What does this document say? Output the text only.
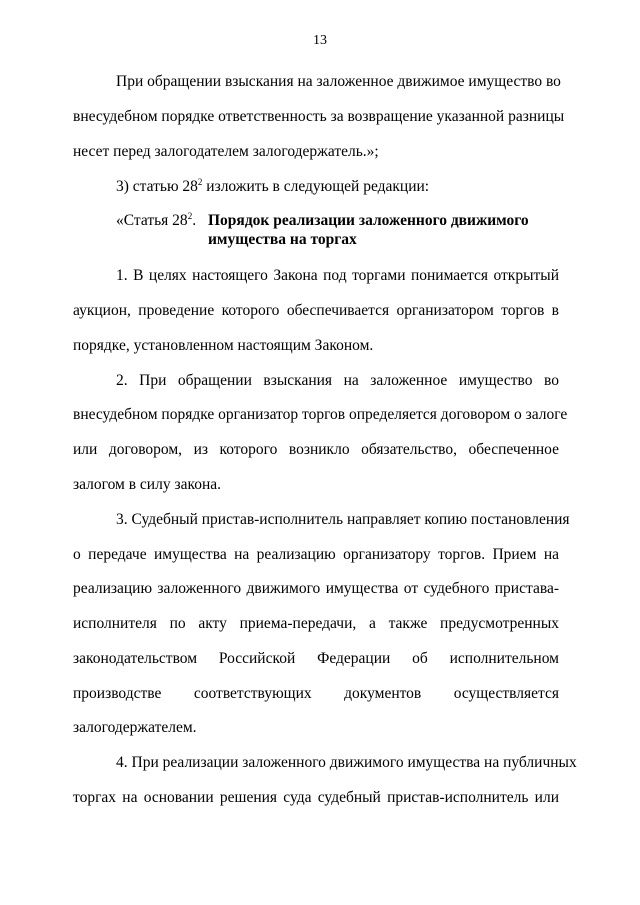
13
При обращении взыскания на заложенное движимое имущество во
внесудебном порядке ответственность за возвращение указанной разницы
несет перед залогодателем залогодержатель.»;
3) статью $28^2$ изложить в следующей редакции:
«Статья $28^2$. Порядок реализации заложенного движимого
имущества на торгах
1. В целях настоящего Закона под торгами понимается открытый
аукцион, проведение которого обеспечивается организатором торгов в
порядке, установленном настоящим Законом.
2. При обращении взыскания на заложенное имущество во
внесудебном порядке организатор торгов определяется договором о залоге
или договором, из которого возникло обязательство, обеспеченное
залогом в силу закона.
3. Судебный пристав-исполнитель направляет копию постановления
о передаче имущества на реализацию организатору торгов. Прием на
реализацию заложенного движимого имущества от судебного пристава-
исполнителя по акту приема-передачи, а также предусмотренных
законодательством Российской Федерации об исполнительном
производстве соответствующих документов осуществляется
залогодержателем.
4. При реализации заложенного движимого имущества на публичных
торгах на основании решения суда судебный пристав-исполнитель или
